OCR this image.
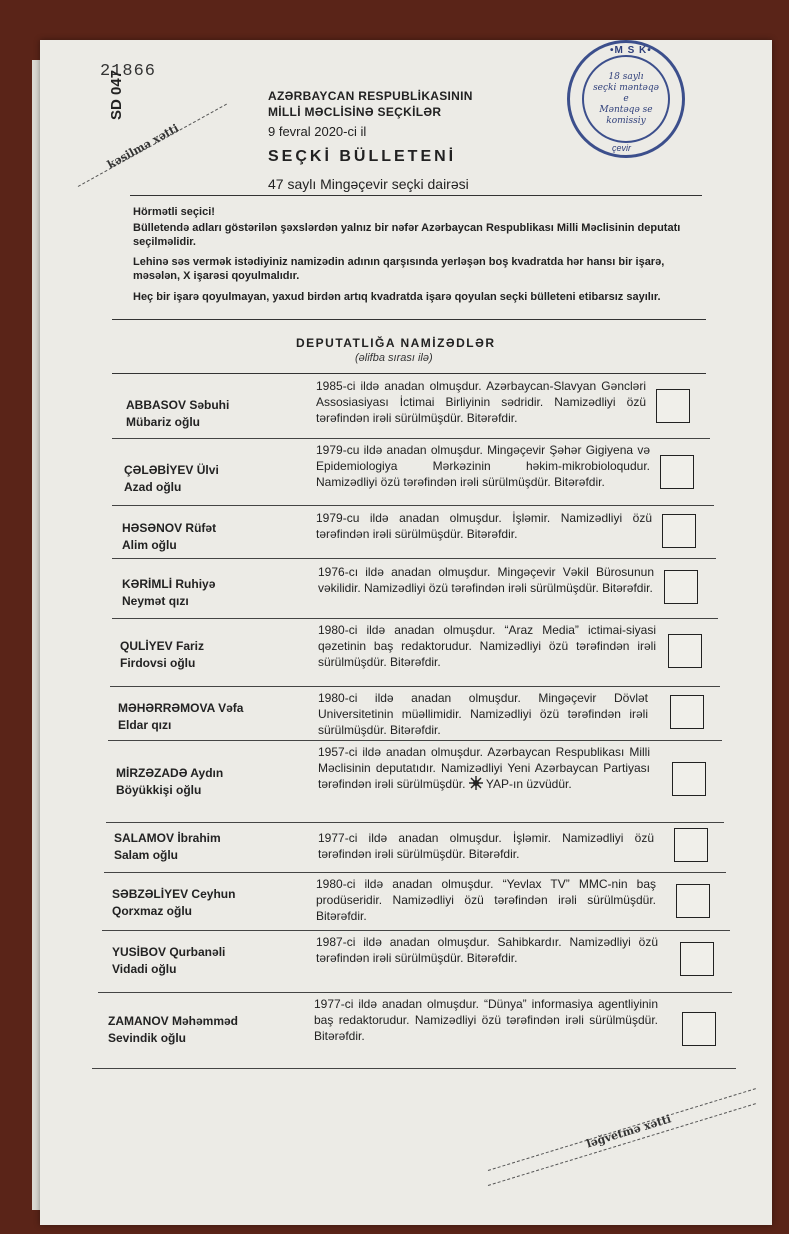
21866
SD 047
kəsilmə xətti
AZƏRBAYCAN RESPUBLİKASININ
MİLLİ MƏCLİSİNƏ SEÇKİLƏR
9 fevral 2020-ci il
SEÇKİ BÜLLETENİ
47 saylı Mingəçevir seçki dairəsi
•M S K•
18 saylı
seçki məntəqə
e
Məntəqə se
komissiy
çevir
Hörmətli seçici!
Bülletendə adları göstərilən şəxslərdən yalnız bir nəfər Azərbaycan Respublikası Milli Məclisinin deputatı seçilməlidir.
Lehinə səs vermək istədiyiniz namizədin adının qarşısında yerləşən boş kvadratda hər hansı bir işarə, məsələn, X işarəsi qoyulmalıdır.
Heç bir işarə qoyulmayan, yaxud birdən artıq kvadratda işarə qoyulan seçki bülleteni etibarsız sayılır.
DEPUTATLIĞA NAMİZƏDLƏR
(əlifba sırası ilə)
ABBASOV Səbuhi
Mübariz oğlu
1985-ci ildə anadan olmuşdur. Azərbaycan-Slavyan Gəncləri Assosiasiyası İctimai Birliyinin sədridir. Namizədliyi özü tərəfindən irəli sürülmüşdür. Bitərəfdir.
ÇƏLƏBİYEV Ülvi
Azad oğlu
1979-cu ildə anadan olmuşdur. Mingəçevir Şəhər Gigiyena və Epidemiologiya Mərkəzinin həkim-mikrobioloqudur. Namizədliyi özü tərəfindən irəli sürülmüşdür. Bitərəfdir.
HƏSƏNOV Rüfət
Alim oğlu
1979-cu ildə anadan olmuşdur. İşləmir. Namizədliyi özü tərəfindən irəli sürülmüşdür. Bitərəfdir.
KƏRİMLİ Ruhiyə
Neymət qızı
1976-cı ildə anadan olmuşdur. Mingəçevir Vəkil Bürosunun vəkilidir. Namizədliyi özü tərəfindən irəli sürülmüşdür. Bitərəfdir.
QULİYEV Fariz
Firdovsi oğlu
1980-ci ildə anadan olmuşdur. “Araz Media” ictimai-siyasi qəzetinin baş redaktorudur. Namizədliyi özü tərəfindən irəli sürülmüşdür. Bitərəfdir.
MƏHƏRRƏMOVA Vəfa
Eldar qızı
1980-ci ildə anadan olmuşdur. Mingəçevir Dövlət Universitetinin müəllimidir. Namizədliyi özü tərəfindən irəli sürülmüşdür. Bitərəfdir.
MİRZƏZADƏ Aydın
Böyükkişi oğlu
1957-ci ildə anadan olmuşdur. Azərbaycan Respublikası Milli Məclisinin deputatıdır. Namizədliyi Yeni Azərbaycan Partiyası tərəfindən irəli sürülmüşdür. YAP-ın üzvüdür.
SALAMOV İbrahim
Salam oğlu
1977-ci ildə anadan olmuşdur. İşləmir. Namizədliyi özü tərəfindən irəli sürülmüşdür. Bitərəfdir.
SƏBZƏLİYEV Ceyhun
Qorxmaz oğlu
1980-ci ildə anadan olmuşdur. “Yevlax TV” MMC-nin baş prodüseridir. Namizədliyi özü tərəfindən irəli sürülmüşdür. Bitərəfdir.
YUSİBOV Qurbanəli
Vidadi oğlu
1987-ci ildə anadan olmuşdur. Sahibkardır. Namizədliyi özü tərəfindən irəli sürülmüşdür. Bitərəfdir.
ZAMANOV Məhəmməd
Sevindik oğlu
1977-ci ildə anadan olmuşdur. “Dünya” informasiya agentliyinin baş redaktorudur. Namizədliyi özü tərəfindən irəli sürülmüşdür. Bitərəfdir.
ləğvetmə xətti
